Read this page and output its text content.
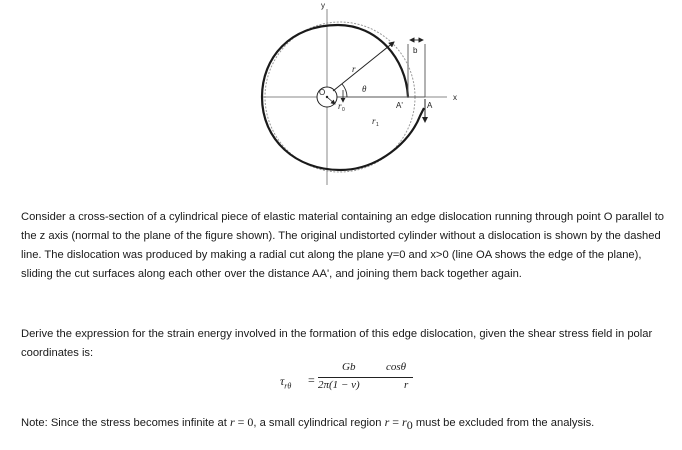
y
x
O
r
θ
r 0
r 1
A'	A
b

Consider a cross-section of a cylindrical piece of elastic material containing an edge dislocation running through point O parallel to the z axis (normal to the plane of the figure shown). The original undistorted cylinder without a dislocation is shown by the dashed line. The dislocation was produced by making a radial cut along the plane y=0 and x>0 (line OA shows the edge of the plane), sliding the cut surfaces along each other over the distance AA', and joining them back together again.

Derive the expression for the strain energy involved in the formation of this edge dislocation, given the shear stress field in polar coordinates is:

$\tau_{r\theta}$ =
Gb	cosθ
2π(1 − ν)	r

Note: Since the stress becomes infinite at r = 0, a small cylindrical region $r = r_0$ must be excluded from the analysis.
